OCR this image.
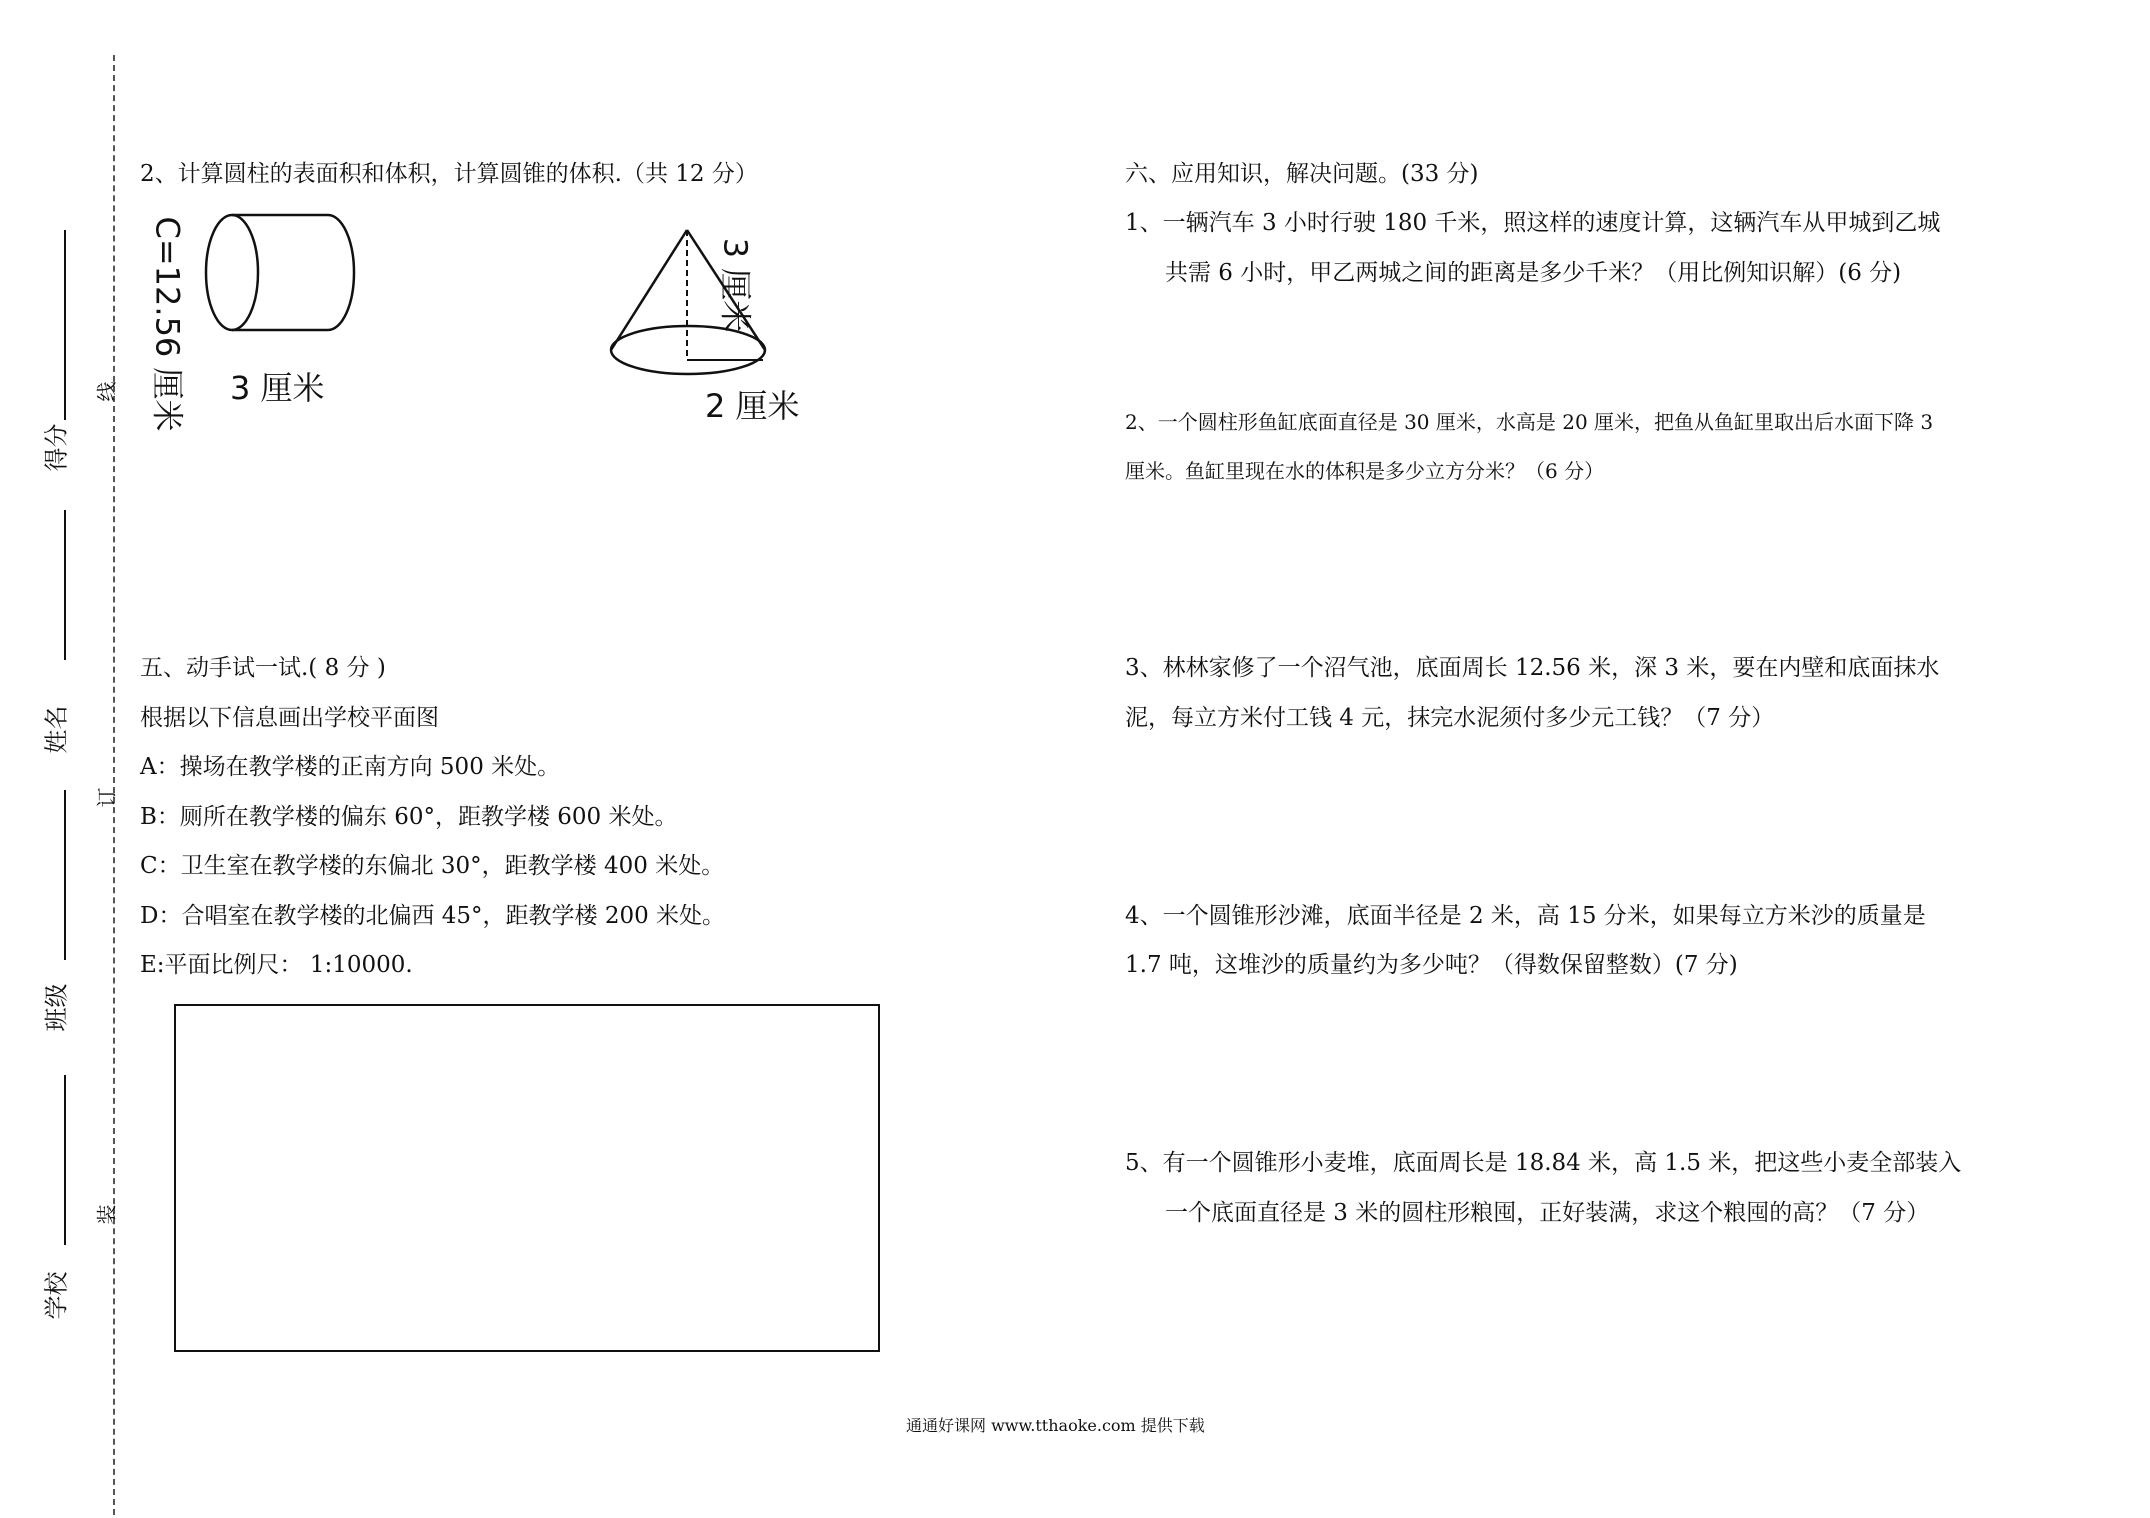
得分
姓名
班级
学校
线
订
装
2、计算圆柱的表面积和体积，计算圆锥的体积.（共 12 分）
C=12.56 厘米 3 厘米
3 厘米
2 厘米
五、动手试一试.( 8 分 )
根据以下信息画出学校平面图
A：操场在教学楼的正南方向 500 米处。
B：厕所在教学楼的偏东 60°，距教学楼 600 米处。
C：卫生室在教学楼的东偏北 30°，距教学楼 400 米处。
D：合唱室在教学楼的北偏西 45°，距教学楼 200 米处。
E:平面比例尺： 1:10000.
六、应用知识，解决问题。(33 分)
1、一辆汽车 3 小时行驶 180 千米，照这样的速度计算，这辆汽车从甲城到乙城
共需 6 小时，甲乙两城之间的距离是多少千米？（用比例知识解）(6 分)
2、一个圆柱形鱼缸底面直径是 30 厘米，水高是 20 厘米，把鱼从鱼缸里取出后水面下降 3
厘米。鱼缸里现在水的体积是多少立方分米？（6 分）
3、林林家修了一个沼气池，底面周长 12.56 米，深 3 米，要在内壁和底面抹水
泥，每立方米付工钱 4 元，抹完水泥须付多少元工钱？（7 分）
4、一个圆锥形沙滩，底面半径是 2 米，高 15 分米，如果每立方米沙的质量是
1.7 吨，这堆沙的质量约为多少吨？（得数保留整数）(7 分)
5、有一个圆锥形小麦堆，底面周长是 18.84 米，高 1.5 米，把这些小麦全部装入
一个底面直径是 3 米的圆柱形粮囤，正好装满，求这个粮囤的高？（7 分）
通通好课网 www.tthaoke.com 提供下载
